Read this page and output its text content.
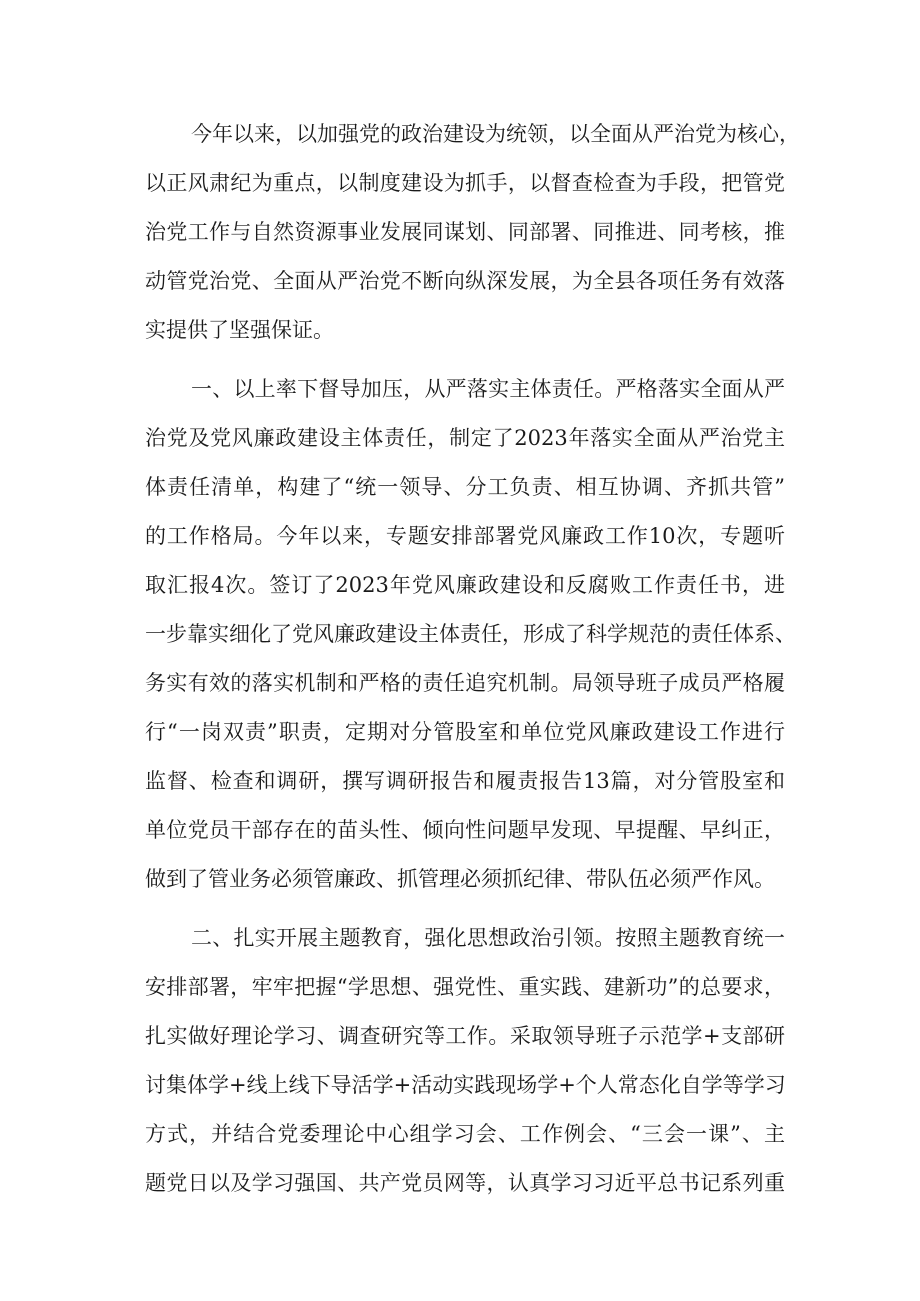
今年以来，以加强党的政治建设为统领，以全面从严治党为核心，
以正风肃纪为重点，以制度建设为抓手，以督查检查为手段，把管党
治党工作与自然资源事业发展同谋划、同部署、同推进、同考核，推
动管党治党、全面从严治党不断向纵深发展，为全县各项任务有效落
实提供了坚强保证。
一、以上率下督导加压，从严落实主体责任。严格落实全面从严
治党及党风廉政建设主体责任，制定了2023年落实全面从严治党主
体责任清单，构建了“统一领导、分工负责、相互协调、齐抓共管”
的工作格局。今年以来，专题安排部署党风廉政工作10次，专题听
取汇报4次。签订了2023年党风廉政建设和反腐败工作责任书，进
一步靠实细化了党风廉政建设主体责任，形成了科学规范的责任体系、
务实有效的落实机制和严格的责任追究机制。局领导班子成员严格履
行“一岗双责”职责，定期对分管股室和单位党风廉政建设工作进行
监督、检查和调研，撰写调研报告和履责报告13篇，对分管股室和
单位党员干部存在的苗头性、倾向性问题早发现、早提醒、早纠正，
做到了管业务必须管廉政、抓管理必须抓纪律、带队伍必须严作风。
二、扎实开展主题教育，强化思想政治引领。按照主题教育统一
安排部署，牢牢把握“学思想、强党性、重实践、建新功”的总要求，
扎实做好理论学习、调查研究等工作。采取领导班子示范学+支部研
讨集体学+线上线下导活学+活动实践现场学+个人常态化自学等学习
方式，并结合党委理论中心组学习会、工作例会、“三会一课”、主
题党日以及学习强国、共产党员网等，认真学习习近平总书记系列重
